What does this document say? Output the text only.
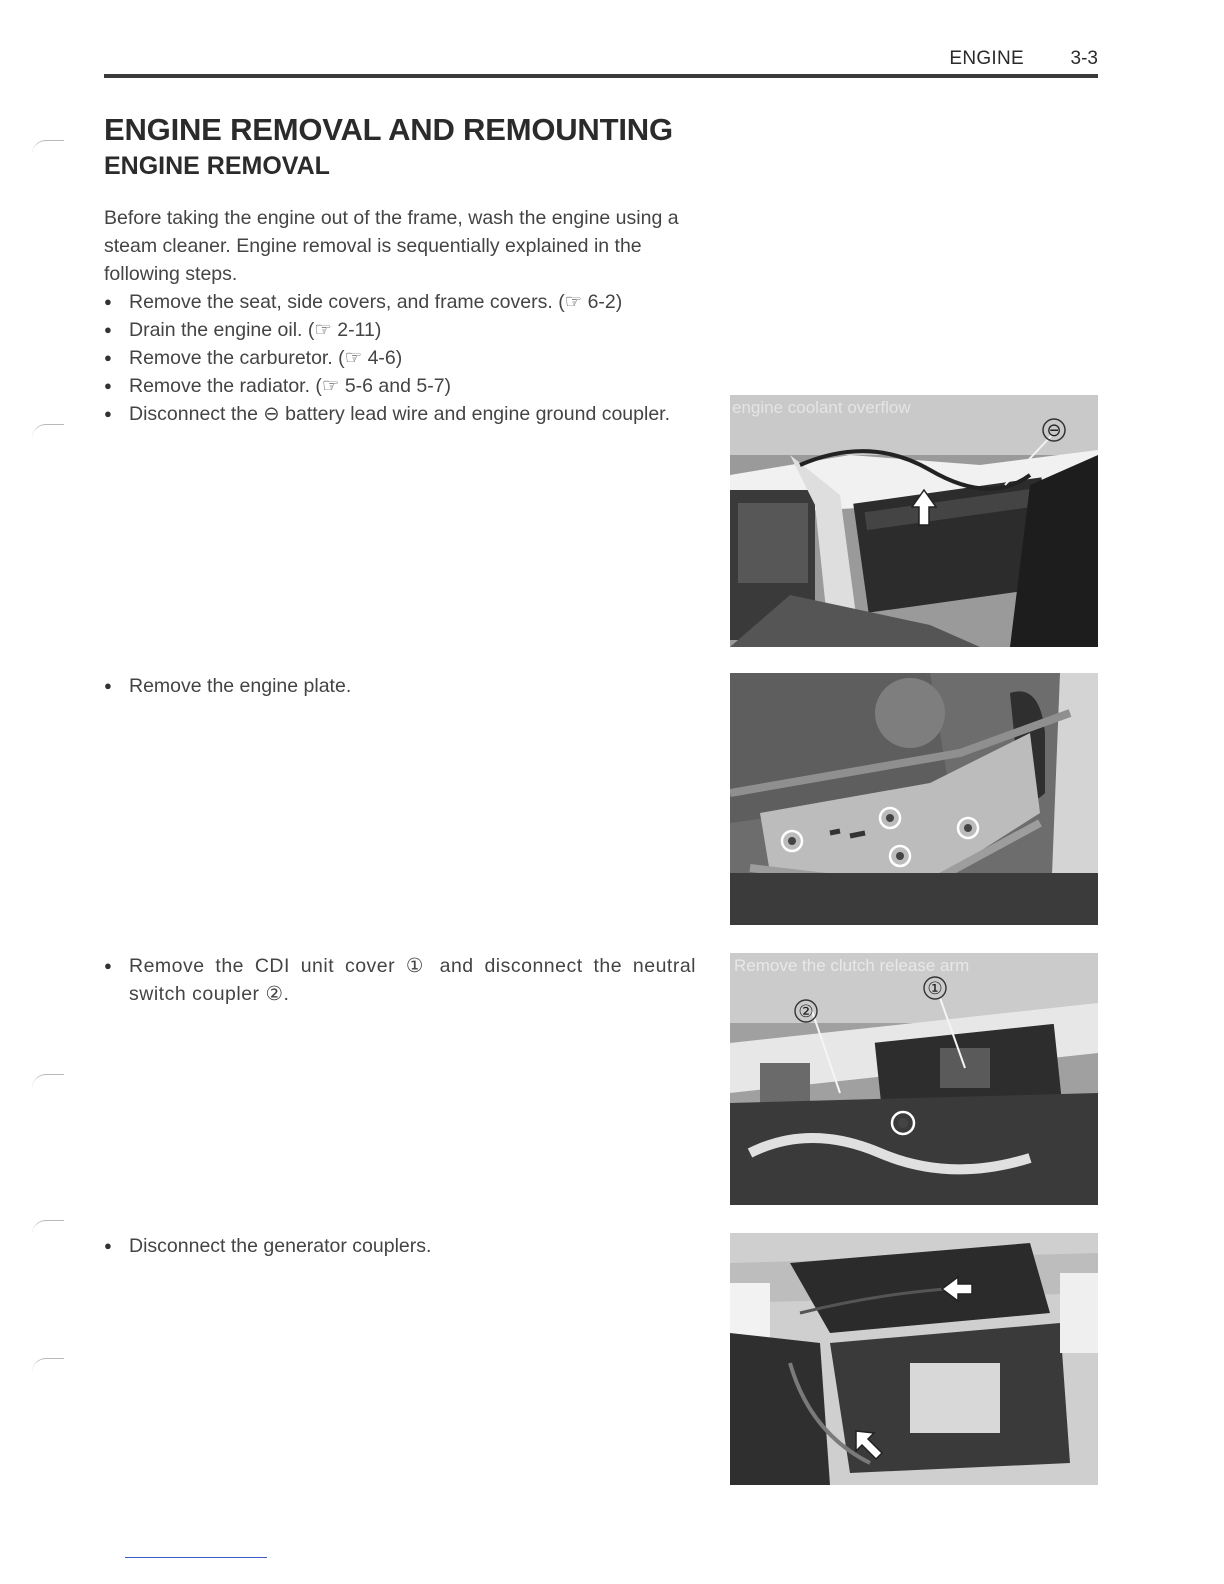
ENGINE 3-3
ENGINE REMOVAL AND REMOUNTING
ENGINE REMOVAL

Before taking the engine out of the frame, wash the engine using a steam cleaner. Engine removal is sequentially explained in the following steps.

● Remove the seat, side covers, and frame covers. (☞ 6-2)
● Drain the engine oil. (☞ 2-11)
● Remove the carburetor. (☞ 4-6)
● Remove the radiator. (☞ 5-6 and 5-7)
● Disconnect the ⊖ battery lead wire and engine ground coupler.

● Remove the engine plate.

● Remove the CDI unit cover ① and disconnect the neutral switch coupler ②.

● Disconnect the generator couplers.

engine coolant overflow
⊖
Remove the clutch release arm
②
①
